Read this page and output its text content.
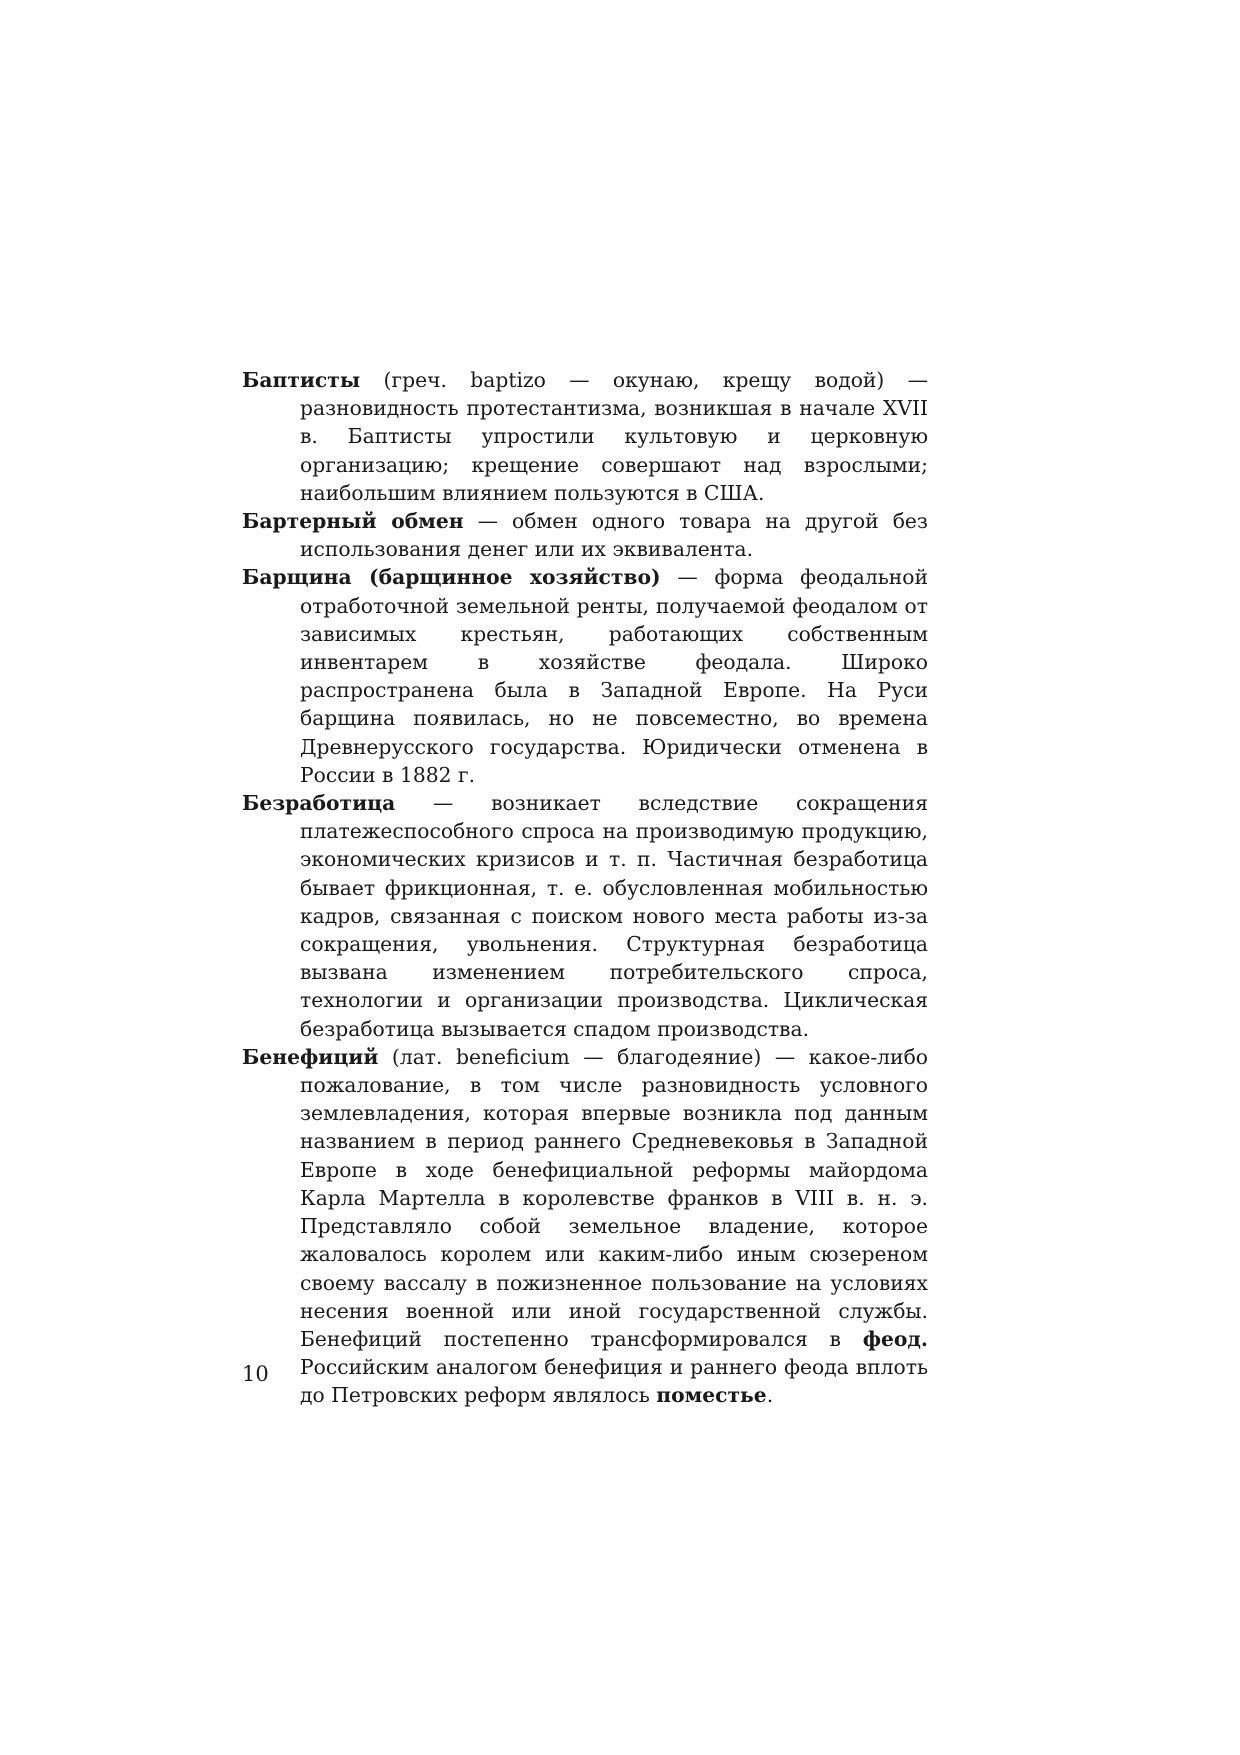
Баптисты (греч. baptizo — окунаю, крещу водой) — разновидность протестантизма, возникшая в начале XVII в. Баптисты упростили культовую и церковную организацию; крещение совершают над взрослыми; наибольшим влиянием пользуются в США.

Бартерный обмен — обмен одного товара на другой без использования денег или их эквивалента.

Барщина (барщинное хозяйство) — форма феодальной отработочной земельной ренты, получаемой феодалом от зависимых крестьян, работающих собственным инвентарем в хозяйстве феодала. Широко распространена была в Западной Европе. На Руси барщина появилась, но не повсеместно, во времена Древнерусского государства. Юридически отменена в России в 1882 г.

Безработица — возникает вследствие сокращения платежеспособного спроса на производимую продукцию, экономических кризисов и т. п. Частичная безработица бывает фрикционная, т. е. обусловленная мобильностью кадров, связанная с поиском нового места работы из-за сокращения, увольнения. Структурная безработица вызвана изменением потребительского спроса, технологии и организации производства. Циклическая безработица вызывается спадом производства.

Бенефиций (лат. beneficium — благодеяние) — какое-либо пожалование, в том числе разновидность условного землевладения, которая впервые возникла под данным названием в период раннего Средневековья в Западной Европе в ходе бенефициальной реформы майордома Карла Мартелла в королевстве франков в VIII в. н. э. Представляло собой земельное владение, которое жаловалось королем или каким-либо иным сюзереном своему вассалу в пожизненное пользование на условиях несения военной или иной государственной службы. Бенефиций постепенно трансформировался в феод. Российским аналогом бенефиция и раннего феода вплоть до Петровских реформ являлось поместье.

10
